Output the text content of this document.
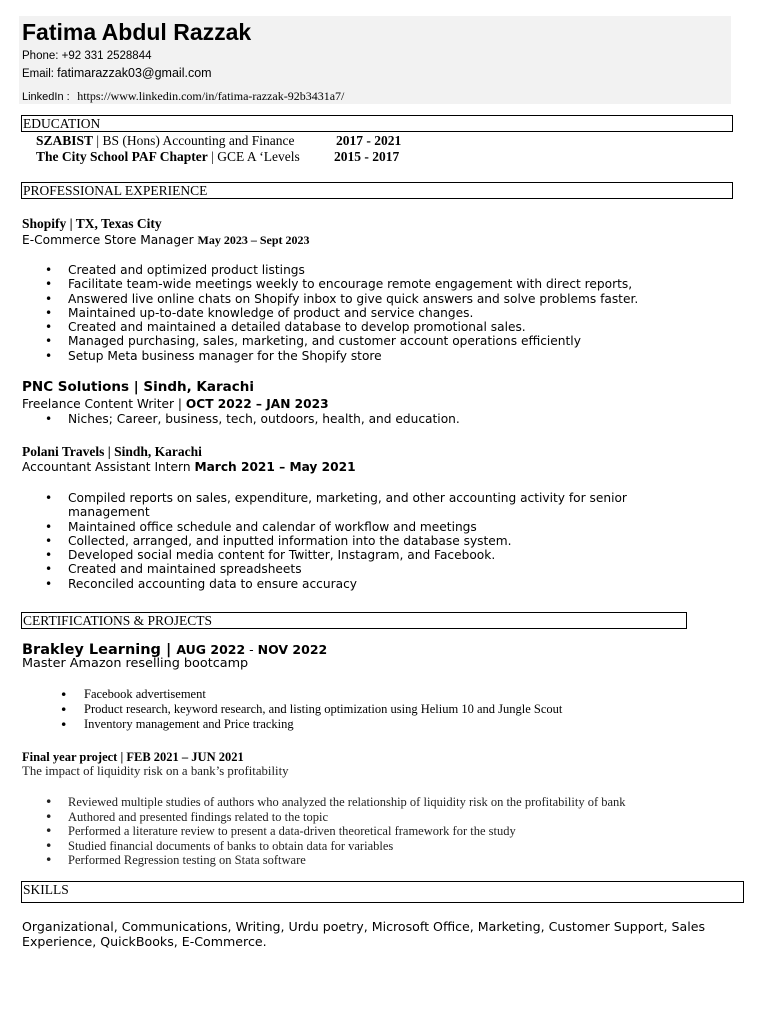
Fatima Abdul Razzak
Phone: +92 331 2528844
Email: fatimarazzak03@gmail.com
LinkedIn : https://www.linkedin.com/in/fatima-razzak-92b3431a7/
EDUCATION
SZABIST | BS (Hons) Accounting and Finance	2017 - 2021
The City School PAF Chapter | GCE A ‘Levels	2015 - 2017
PROFESSIONAL EXPERIENCE
Shopify | TX, Texas City
E-Commerce Store Manager May 2023 – Sept 2023
• Created and optimized product listings
• Facilitate team-wide meetings weekly to encourage remote engagement with direct reports,
• Answered live online chats on Shopify inbox to give quick answers and solve problems faster.
• Maintained up-to-date knowledge of product and service changes.
• Created and maintained a detailed database to develop promotional sales.
• Managed purchasing, sales, marketing, and customer account operations efficiently
• Setup Meta business manager for the Shopify store
PNC Solutions | Sindh, Karachi
Freelance Content Writer | OCT 2022 – JAN 2023
• Niches; Career, business, tech, outdoors, health, and education.
Polani Travels | Sindh, Karachi
Accountant Assistant Intern March 2021 – May 2021
• Compiled reports on sales, expenditure, marketing, and other accounting activity for senior management
• Maintained office schedule and calendar of workflow and meetings
• Collected, arranged, and inputted information into the database system.
• Developed social media content for Twitter, Instagram, and Facebook.
• Created and maintained spreadsheets
• Reconciled accounting data to ensure accuracy
CERTIFICATIONS & PROJECTS
Brakley Learning | AUG 2022 - NOV 2022
Master Amazon reselling bootcamp
• Facebook advertisement
• Product research, keyword research, and listing optimization using Helium 10 and Jungle Scout
• Inventory management and Price tracking
Final year project | FEB 2021 – JUN 2021
The impact of liquidity risk on a bank’s profitability
• Reviewed multiple studies of authors who analyzed the relationship of liquidity risk on the profitability of bank
• Authored and presented findings related to the topic
• Performed a literature review to present a data-driven theoretical framework for the study
• Studied financial documents of banks to obtain data for variables
• Performed Regression testing on Stata software
SKILLS
Organizational, Communications, Writing, Urdu poetry, Microsoft Office, Marketing, Customer Support, Sales Experience, QuickBooks, E-Commerce.
